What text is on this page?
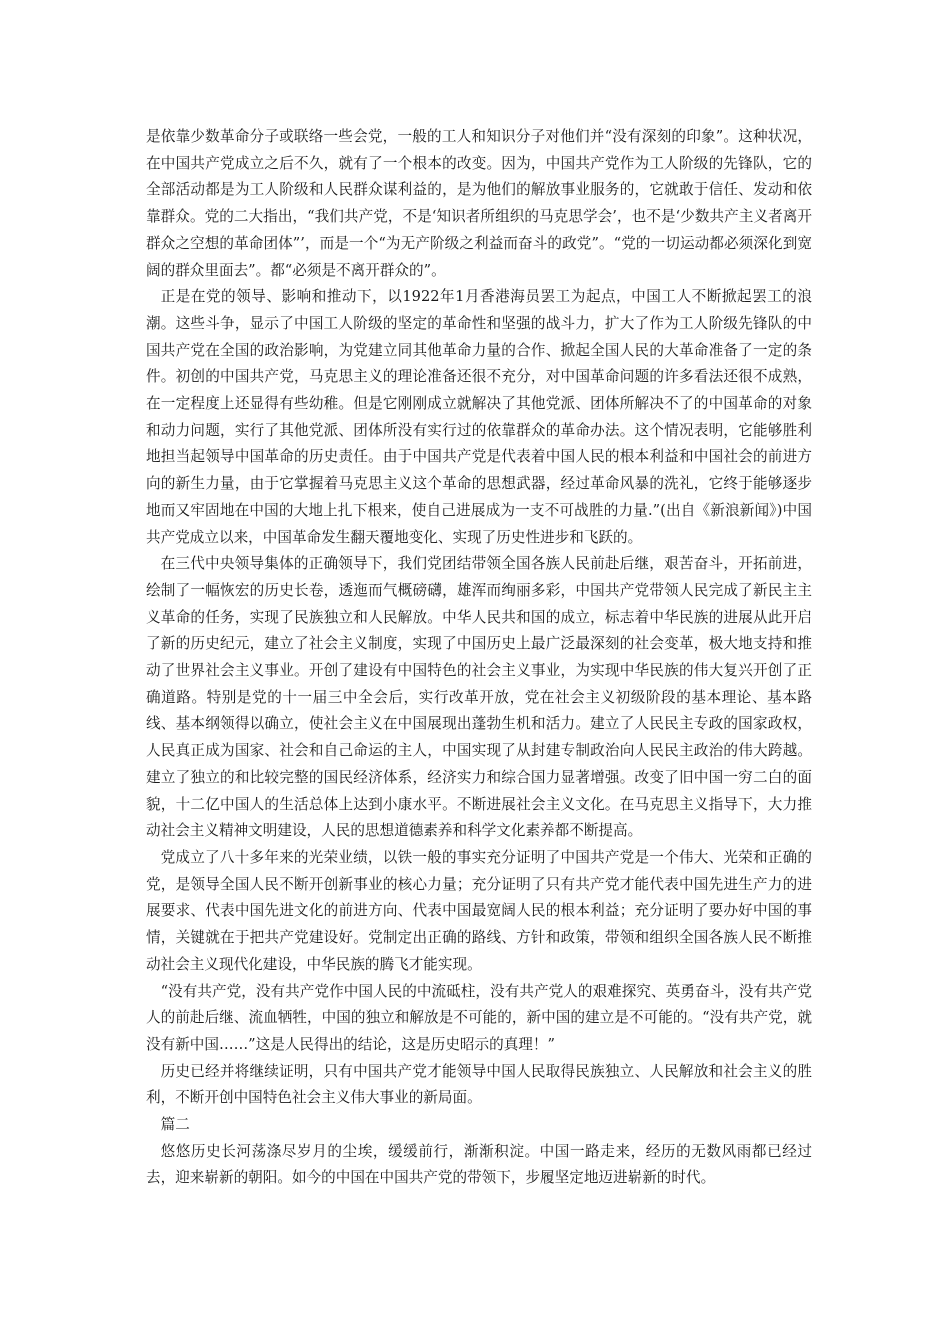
是依靠少数革命分子或联络一些会党，一般的工人和知识分子对他们并“没有深刻的印象”。这种状况，在中国共产党成立之后不久，就有了一个根本的改变。因为，中国共产党作为工人阶级的先锋队，它的全部活动都是为工人阶级和人民群众谋利益的，是为他们的解放事业服务的，它就敢于信任、发动和依靠群众。党的二大指出，“我们共产党，不是‘知识者所组织的马克思学会’，也不是‘少数共产主义者离开群众之空想的革命团体”’，而是一个“为无产阶级之利益而奋斗的政党”。“党的一切运动都必须深化到宽阔的群众里面去”。都“必须是不离开群众的”。

正是在党的领导、影响和推动下，以1922年1月香港海员罢工为起点，中国工人不断掀起罢工的浪潮。这些斗争，显示了中国工人阶级的坚定的革命性和坚强的战斗力，扩大了作为工人阶级先锋队的中国共产党在全国的政治影响，为党建立同其他革命力量的合作、掀起全国人民的大革命准备了一定的条件。初创的中国共产党，马克思主义的理论准备还很不充分，对中国革命问题的许多看法还很不成熟，在一定程度上还显得有些幼稚。但是它刚刚成立就解决了其他党派、团体所解决不了的中国革命的对象和动力问题，实行了其他党派、团体所没有实行过的依靠群众的革命办法。这个情况表明，它能够胜利地担当起领导中国革命的历史责任。由于中国共产党是代表着中国人民的根本利益和中国社会的前进方向的新生力量，由于它掌握着马克思主义这个革命的思想武器，经过革命风暴的洗礼，它终于能够逐步地而又牢固地在中国的大地上扎下根来，使自己进展成为一支不可战胜的力量.”(出自《新浪新闻》)中国共产党成立以来，中国革命发生翻天覆地变化、实现了历史性进步和飞跃的。

在三代中央领导集体的正确领导下，我们党团结带领全国各族人民前赴后继，艰苦奋斗，开拓前进，绘制了一幅恢宏的历史长卷，透迤而气概磅礴，雄浑而绚丽多彩，中国共产党带领人民完成了新民主主义革命的任务，实现了民族独立和人民解放。中华人民共和国的成立，标志着中华民族的进展从此开启了新的历史纪元，建立了社会主义制度，实现了中国历史上最广泛最深刻的社会变革，极大地支持和推动了世界社会主义事业。开创了建设有中国特色的社会主义事业，为实现中华民族的伟大复兴开创了正确道路。特别是党的十一届三中全会后，实行改革开放，党在社会主义初级阶段的基本理论、基本路线、基本纲领得以确立，使社会主义在中国展现出蓬勃生机和活力。建立了人民民主专政的国家政权，人民真正成为国家、社会和自己命运的主人，中国实现了从封建专制政治向人民民主政治的伟大跨越。建立了独立的和比较完整的国民经济体系，经济实力和综合国力显著增强。改变了旧中国一穷二白的面貌，十二亿中国人的生活总体上达到小康水平。不断进展社会主义文化。在马克思主义指导下，大力推动社会主义精神文明建设，人民的思想道德素养和科学文化素养都不断提高。

党成立了八十多年来的光荣业绩，以铁一般的事实充分证明了中国共产党是一个伟大、光荣和正确的党，是领导全国人民不断开创新事业的核心力量；充分证明了只有共产党才能代表中国先进生产力的进展要求、代表中国先进文化的前进方向、代表中国最宽阔人民的根本利益；充分证明了要办好中国的事情，关键就在于把共产党建设好。党制定出正确的路线、方针和政策，带领和组织全国各族人民不断推动社会主义现代化建设，中华民族的腾飞才能实现。

“没有共产党，没有共产党作中国人民的中流砥柱，没有共产党人的艰难探究、英勇奋斗，没有共产党人的前赴后继、流血牺牲，中国的独立和解放是不可能的，新中国的建立是不可能的。“没有共产党，就没有新中国……”这是人民得出的结论，这是历史昭示的真理！”

历史已经并将继续证明，只有中国共产党才能领导中国人民取得民族独立、人民解放和社会主义的胜利，不断开创中国特色社会主义伟大事业的新局面。

篇二

悠悠历史长河荡涤尽岁月的尘埃，缓缓前行，渐渐积淀。中国一路走来，经历的无数风雨都已经过去，迎来崭新的朝阳。如今的中国在中国共产党的带领下，步履坚定地迈进崭新的时代。
